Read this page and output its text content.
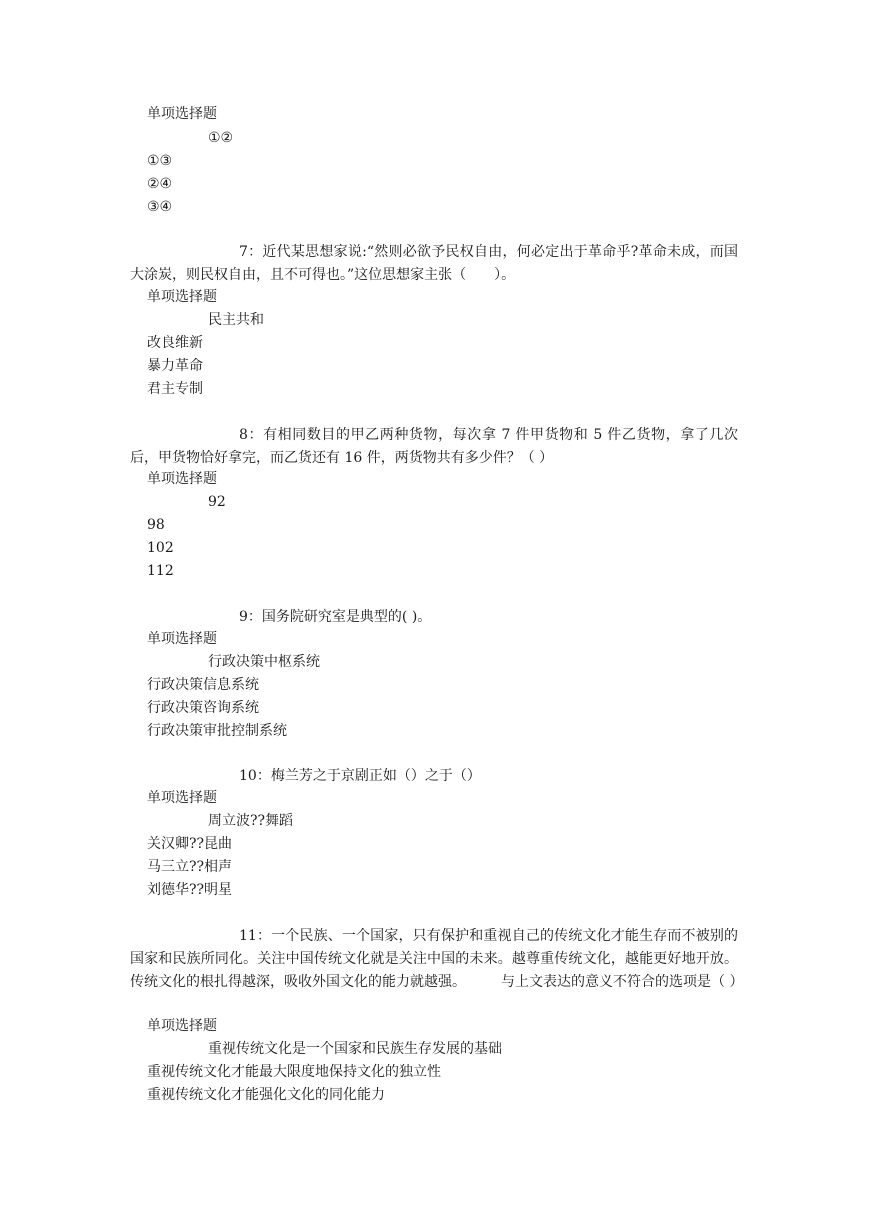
单项选择题
①②
①③
②④
③④
7：近代某思想家说:“然则必欲予民权自由，何必定出于革命乎?革命未成，而国大涂炭，则民权自由，且不可得也。”这位思想家主张（　　）。
单项选择题
民主共和
改良维新
暴力革命
君主专制
8：有相同数目的甲乙两种货物，每次拿 7 件甲货物和 5 件乙货物，拿了几次后，甲货物恰好拿完，而乙货还有 16 件，两货物共有多少件？（ ）
单项选择题
92
98
102
112
9：国务院研究室是典型的( )。
单项选择题
行政决策中枢系统
行政决策信息系统
行政决策咨询系统
行政决策审批控制系统
10：梅兰芳之于京剧正如（）之于（）
单项选择题
周立波??舞蹈
关汉卿??昆曲
马三立??相声
刘德华??明星
11：一个民族、一个国家，只有保护和重视自己的传统文化才能生存而不被别的国家和民族所同化。关注中国传统文化就是关注中国的未来。越尊重传统文化，越能更好地开放。传统文化的根扎得越深，吸收外国文化的能力就越强。　　　与上文表达的意义不符合的选项是（ ）
单项选择题
重视传统文化是一个国家和民族生存发展的基础
重视传统文化才能最大限度地保持文化的独立性
重视传统文化才能强化文化的同化能力
